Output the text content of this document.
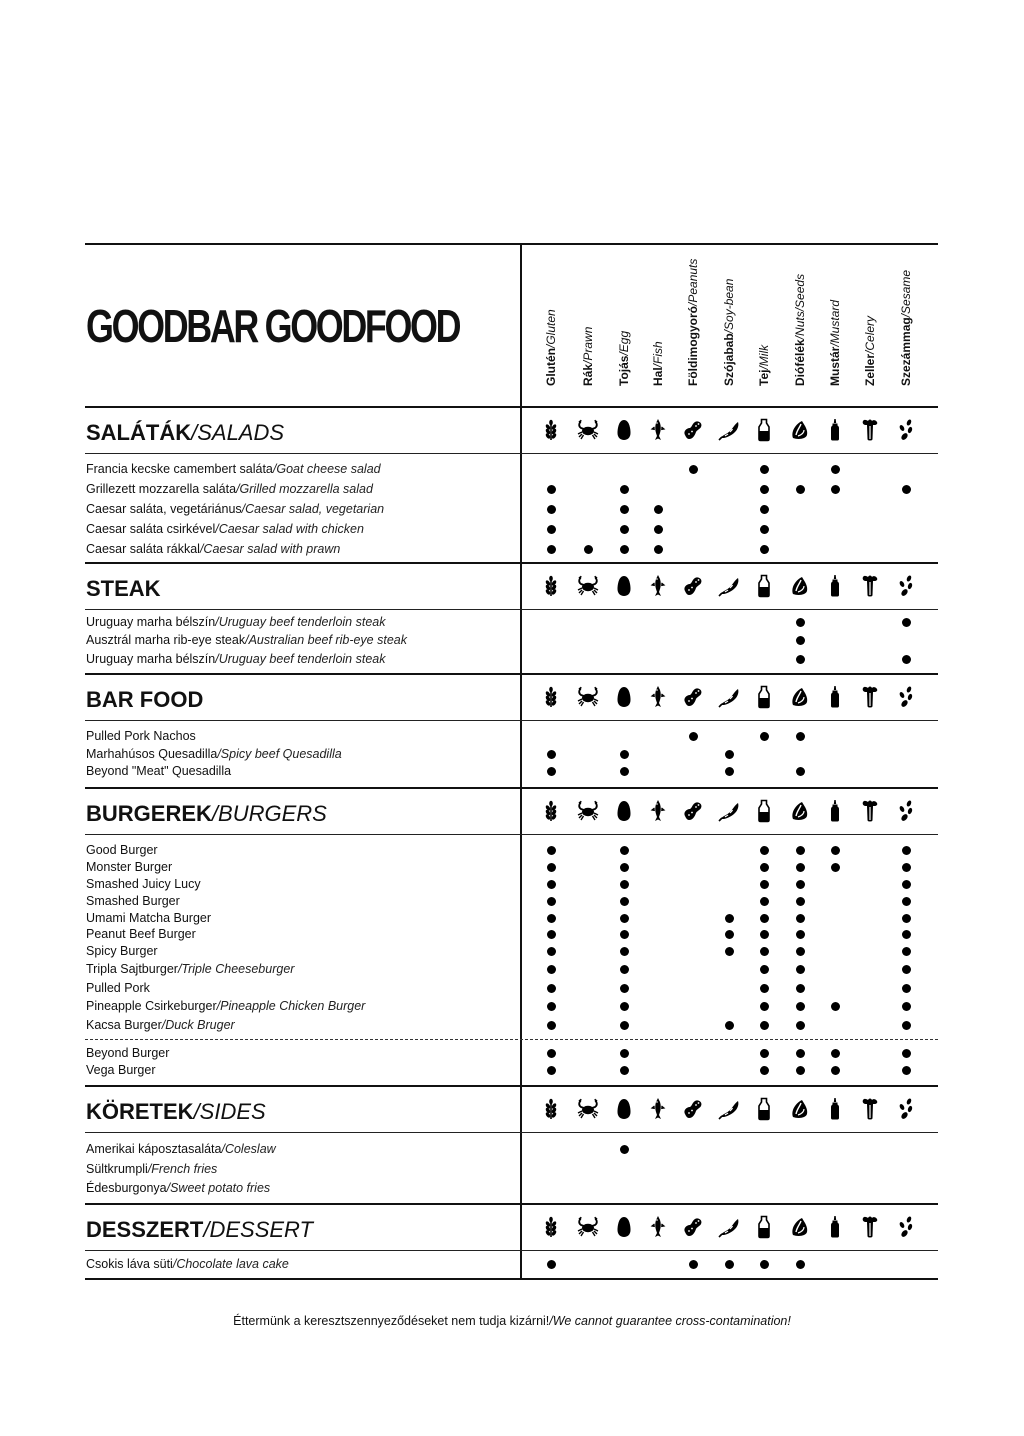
GOODBAR GOODFOOD
Glutén/Gluten
Rák/Prawn
Tojás/Egg
Hal/Fish Földimogyoró/Peanuts
Szójabab/Soy-bean
Tej/Milk Diófélék/Nuts/Seeds
Mustár/Mustard
Zeller/Celery Szezámmag/Sesame
SALÁTÁK/SALADS
Francia kecske camembert saláta/Goat cheese salad
Grillezett mozzarella saláta/Grilled mozzarella salad
Caesar saláta, vegetáriánus/Caesar salad, vegetarian
Caesar saláta csirkével/Caesar salad with chicken
Caesar saláta rákkal/Caesar salad with prawn
STEAK
Uruguay marha bélszín/Uruguay beef tenderloin steak
Ausztrál marha rib-eye steak/Australian beef rib-eye steak
Uruguay marha bélszín/Uruguay beef tenderloin steak
BAR FOOD
Pulled Pork Nachos
Marhahúsos Quesadilla/Spicy beef Quesadilla
Beyond "Meat" Quesadilla
BURGEREK/BURGERS
Good Burger
Monster Burger
Smashed Juicy Lucy
Smashed Burger
Umami Matcha Burger
Peanut Beef Burger
Spicy Burger
Tripla Sajtburger/Triple Cheeseburger
Pulled Pork
Pineapple Csirkeburger/Pineapple Chicken Burger
Kacsa Burger/Duck Bruger
Beyond Burger
Vega Burger
KÖRETEK/SIDES
Amerikai káposztasaláta/Coleslaw
Sültkrumpli/French fries
Édesburgonya/Sweet potato fries
DESSZERT/DESSERT
Csokis láva süti/Chocolate lava cake
Éttermünk a keresztszennyeződéseket nem tudja kizárni!/We cannot guarantee cross-contamination!
